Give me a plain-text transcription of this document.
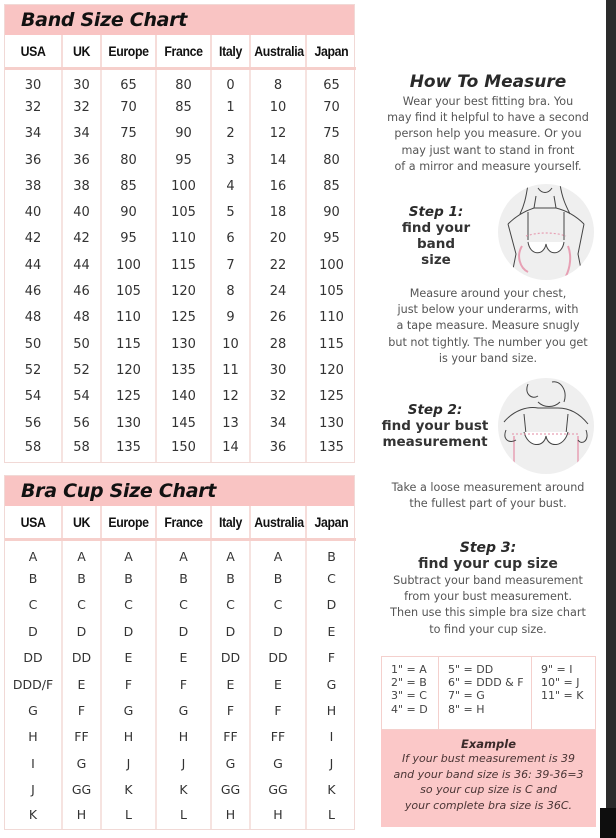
Band Size Chart
USA	UK	Europe	France	Italy	Australia	Japan
30	30	65	80	0	8	65
32	32	70	85	1	10	70
34	34	75	90	2	12	75
36	36	80	95	3	14	80
38	38	85	100	4	16	85
40	40	90	105	5	18	90
42	42	95	110	6	20	95
44	44	100	115	7	22	100
46	46	105	120	8	24	105
48	48	110	125	9	26	110
50	50	115	130	10	28	115
52	52	120	135	11	30	120
54	54	125	140	12	32	125
56	56	130	145	13	34	130
58	58	135	150	14	36	135
Bra Cup Size Chart
USA	UK	Europe	France	Italy	Australia	Japan
A	A	A	A	A	A	B
B	B	B	B	B	B	C
C	C	C	C	C	C	D
D	D	D	D	D	D	E
DD	DD	E	E	DD	DD	F
DDD/F	E	F	F	E	E	G
G	F	G	G	F	F	H
H	FF	H	H	FF	FF	I
I	G	J	J	G	G	J
J	GG	K	K	GG	GG	K
K	H	L	L	H	H	L
How To Measure
Wear your best fitting bra. You
may find it helpful to have a second
person help you measure. Or you
may just want to stand in front
of a mirror and measure yourself.
Step 1:
find your
band size
Measure around your chest,
just below your underarms, with
a tape measure. Measure snugly
but not tightly. The number you get
is your band size.
Step 2:
find your bust
measurement
Take a loose measurement around
the fullest part of your bust.
Step 3:
find your cup size
Subtract your band measurement
from your bust measurement.
Then use this simple bra size chart
to find your cup size.
1" = A
2" = B
3" = C
4" = D
5" = DD
6" = DDD & F
7" = G
8" = H
9" = I
10" = J
11" = K
Example
If your bust measurement is 39
and your band size is 36: 39-36=3
so your cup size is C and
your complete bra size is 36C.
